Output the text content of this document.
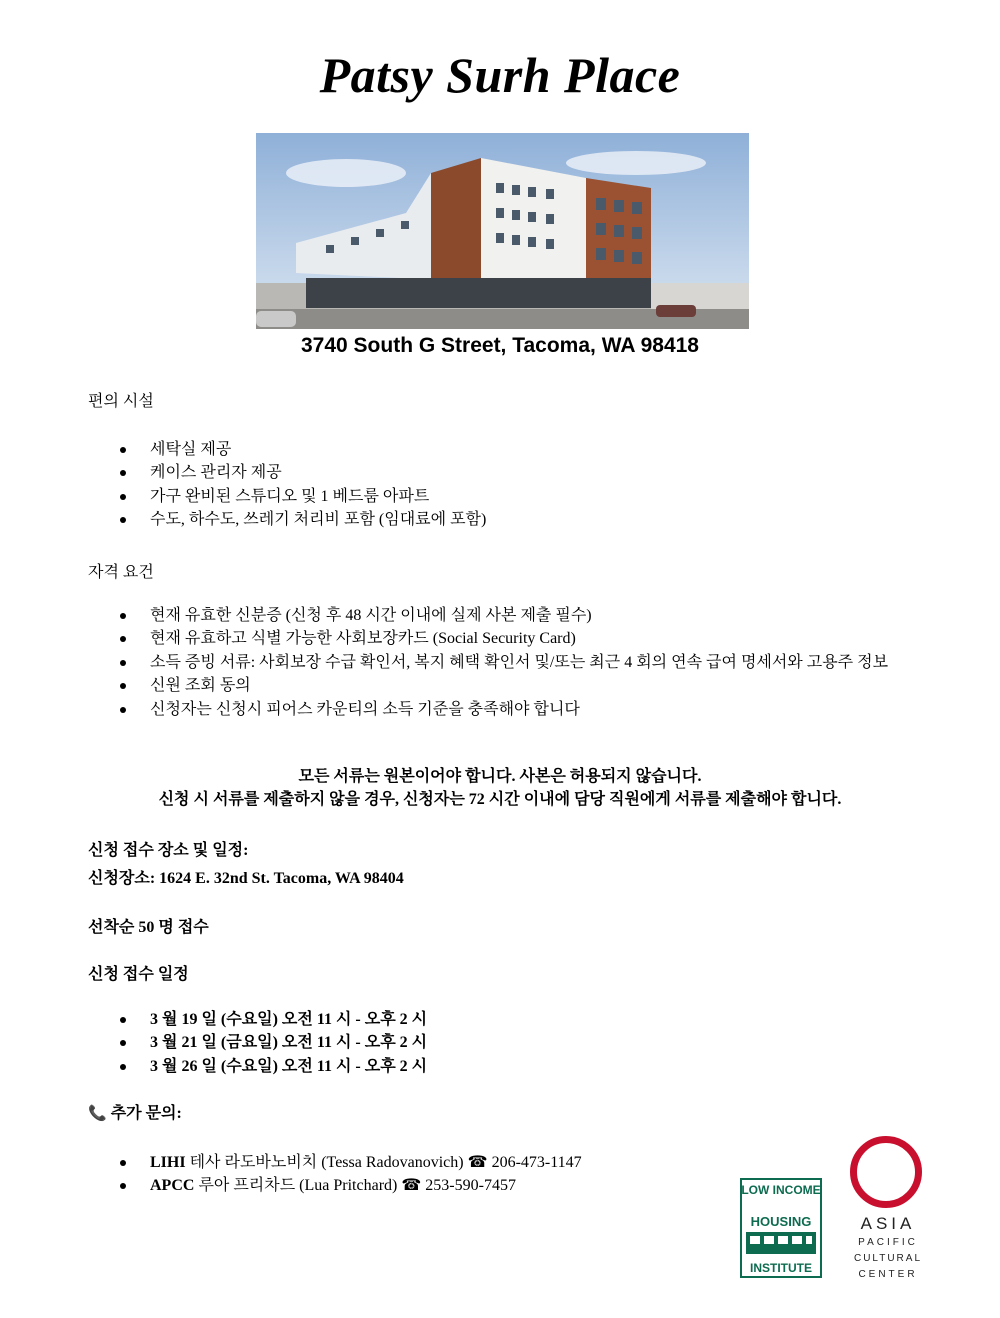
Patsy Surh Place
3740 South G Street, Tacoma, WA 98418
편의 시설
세탁실 제공
케이스 관리자 제공
가구 완비된 스튜디오 및 1 베드룸 아파트
수도, 하수도, 쓰레기 처리비 포함 (임대료에 포함)
자격 요건
현재 유효한 신분증 (신청 후 48 시간 이내에 실제 사본 제출 필수)
현재 유효하고 식별 가능한 사회보장카드 (Social Security Card)
소득 증빙 서류: 사회보장 수급 확인서, 복지 혜택 확인서 및/또는 최근 4 회의 연속 급여 명세서와 고용주 정보
신원 조회 동의
신청자는 신청시 피어스 카운티의 소득 기준을 충족해야 합니다
모든 서류는 원본이어야 합니다. 사본은 허용되지 않습니다.
신청 시 서류를 제출하지 않을 경우, 신청자는 72 시간 이내에 담당 직원에게 서류를 제출해야 합니다.
신청 접수 장소 및 일정:
신청장소: 1624 E. 32nd St. Tacoma, WA 98404
선착순 50 명 접수
신청 접수 일정
3 월 19 일 (수요일) 오전 11 시 - 오후 2 시
3 월 21 일 (금요일) 오전 11 시 - 오후 2 시
3 월 26 일 (수요일) 오전 11 시 - 오후 2 시
📞 추가 문의:
LIHI 테사 라도바노비치 (Tessa Radovanovich) ☎ 206-473-1147
APCC 루아 프리차드 (Lua Pritchard) ☎ 253-590-7457	LOW INCOME
HOUSING
INSTITUTE
ASIA
PACIFIC
CULTURAL
CENTER
